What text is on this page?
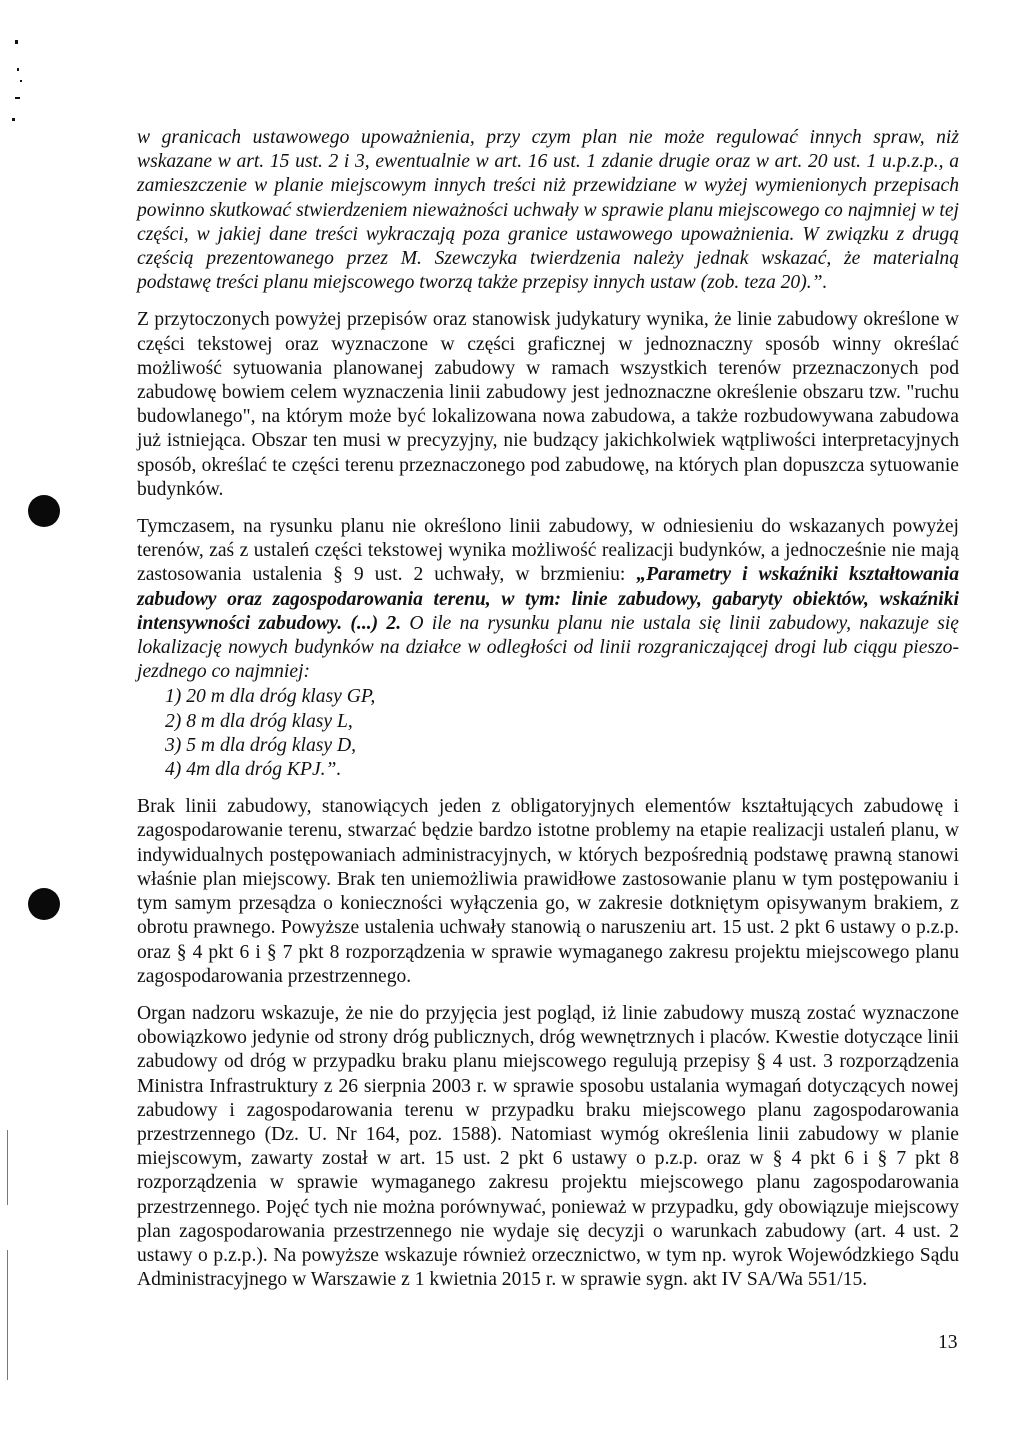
w granicach ustawowego upoważnienia, przy czym plan nie może regulować innych spraw, niż wskazane w art. 15 ust. 2 i 3, ewentualnie w art. 16 ust. 1 zdanie drugie oraz w art. 20 ust. 1 u.p.z.p., a zamieszczenie w planie miejscowym innych treści niż przewidziane w wyżej wymienionych przepisach powinno skutkować stwierdzeniem nieważności uchwały w sprawie planu miejscowego co najmniej w tej części, w jakiej dane treści wykraczają poza granice ustawowego upoważnienia. W związku z drugą częścią prezentowanego przez M. Szewczyka twierdzenia należy jednak wskazać, że materialną podstawę treści planu miejscowego tworzą także przepisy innych ustaw (zob. teza 20).”.

Z przytoczonych powyżej przepisów oraz stanowisk judykatury wynika, że linie zabudowy określone w części tekstowej oraz wyznaczone w części graficznej w jednoznaczny sposób winny określać możliwość sytuowania planowanej zabudowy w ramach wszystkich terenów przeznaczonych pod zabudowę bowiem celem wyznaczenia linii zabudowy jest jednoznaczne określenie obszaru tzw. "ruchu budowlanego", na którym może być lokalizowana nowa zabudowa, a także rozbudowywana zabudowa już istniejąca. Obszar ten musi w precyzyjny, nie budzący jakichkolwiek wątpliwości interpretacyjnych sposób, określać te części terenu przeznaczonego pod zabudowę, na których plan dopuszcza sytuowanie budynków.

Tymczasem, na rysunku planu nie określono linii zabudowy, w odniesieniu do wskazanych powyżej terenów, zaś z ustaleń części tekstowej wynika możliwość realizacji budynków, a jednocześnie nie mają zastosowania ustalenia § 9 ust. 2 uchwały, w brzmieniu: „Parametry i wskaźniki kształtowania zabudowy oraz zagospodarowania terenu, w tym: linie zabudowy, gabaryty obiektów, wskaźniki intensywności zabudowy. (...) 2. O ile na rysunku planu nie ustala się linii zabudowy, nakazuje się lokalizację nowych budynków na działce w odległości od linii rozgraniczającej drogi lub ciągu pieszo-jezdnego co najmniej:

1) 20 m dla dróg klasy GP,
2) 8 m dla dróg klasy L,
3) 5 m dla dróg klasy D,
4) 4m dla dróg KPJ.”.

Brak linii zabudowy, stanowiących jeden z obligatoryjnych elementów kształtujących zabudowę i zagospodarowanie terenu, stwarzać będzie bardzo istotne problemy na etapie realizacji ustaleń planu, w indywidualnych postępowaniach administracyjnych, w których bezpośrednią podstawę prawną stanowi właśnie plan miejscowy. Brak ten uniemożliwia prawidłowe zastosowanie planu w tym postępowaniu i tym samym przesądza o konieczności wyłączenia go, w zakresie dotkniętym opisywanym brakiem, z obrotu prawnego. Powyższe ustalenia uchwały stanowią o naruszeniu art. 15 ust. 2 pkt 6 ustawy o p.z.p. oraz § 4 pkt 6 i § 7 pkt 8 rozporządzenia w sprawie wymaganego zakresu projektu miejscowego planu zagospodarowania przestrzennego.

Organ nadzoru wskazuje, że nie do przyjęcia jest pogląd, iż linie zabudowy muszą zostać wyznaczone obowiązkowo jedynie od strony dróg publicznych, dróg wewnętrznych i placów. Kwestie dotyczące linii zabudowy od dróg w przypadku braku planu miejscowego regulują przepisy § 4 ust. 3 rozporządzenia Ministra Infrastruktury z 26 sierpnia 2003 r. w sprawie sposobu ustalania wymagań dotyczących nowej zabudowy i zagospodarowania terenu w przypadku braku miejscowego planu zagospodarowania przestrzennego (Dz. U. Nr 164, poz. 1588). Natomiast wymóg określenia linii zabudowy w planie miejscowym, zawarty został w art. 15 ust. 2 pkt 6 ustawy o p.z.p. oraz w § 4 pkt 6 i § 7 pkt 8 rozporządzenia w sprawie wymaganego zakresu projektu miejscowego planu zagospodarowania przestrzennego. Pojęć tych nie można porównywać, ponieważ w przypadku, gdy obowiązuje miejscowy plan zagospodarowania przestrzennego nie wydaje się decyzji o warunkach zabudowy (art. 4 ust. 2 ustawy o p.z.p.). Na powyższe wskazuje również orzecznictwo, w tym np. wyrok Wojewódzkiego Sądu Administracyjnego w Warszawie z 1 kwietnia 2015 r. w sprawie sygn. akt IV SA/Wa 551/15.

13
